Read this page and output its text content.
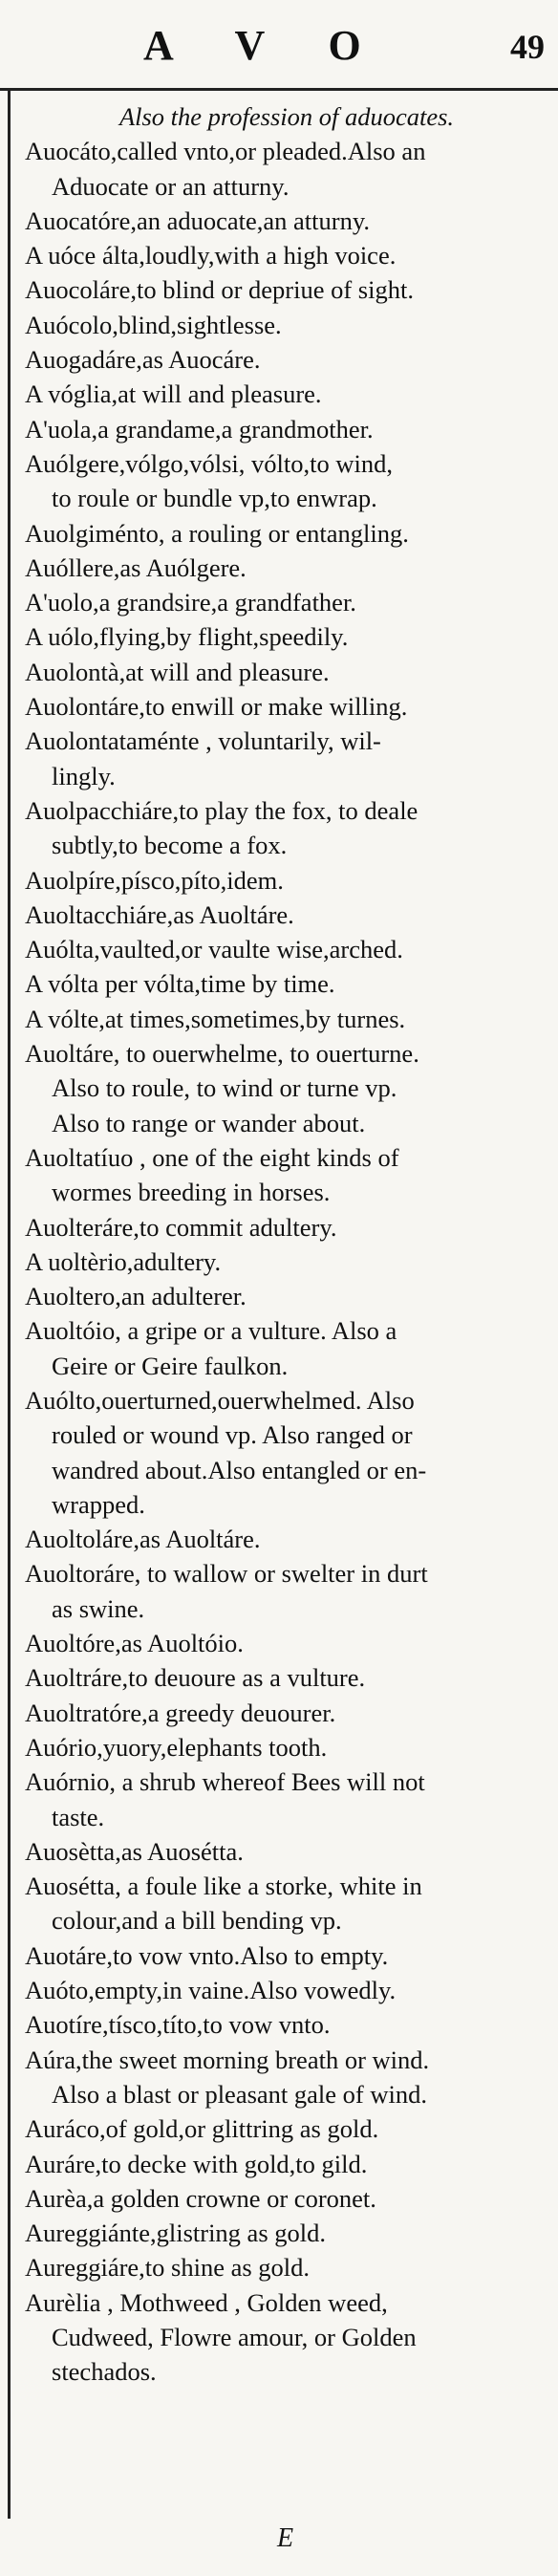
A V O	49
Also the profession of aduocates.
Auocáto,called vnto,or pleaded.Also an
Aduocate or an atturny.
Auocatóre,an aduocate,an atturny.
A uóce álta,loudly,with a high voice.
Auocoláre,to blind or depriue of sight.
Auócolo,blind,sightlesse.
Auogadáre,as Auocáre.
A vóglia,at will and pleasure.
A'uola,a grandame,a grandmother.
Auólgere,vólgo,vólsi, vólto,to wind,
to roule or bundle vp,to enwrap.
Auolgiménto, a rouling or entangling.
Auóllere,as Auólgere.
A'uolo,a grandsire,a grandfather.
A uólo,flying,by flight,speedily.
Auolontà,at will and pleasure.
Auolontáre,to enwill or make willing.
Auolontataménte , voluntarily, wil-
lingly.
Auolpacchiáre,to play the fox, to deale
subtly,to become a fox.
Auolpíre,písco,píto,idem.
Auoltacchiáre,as Auoltáre.
Auólta,vaulted,or vaulte wise,arched.
A vólta per vólta,time by time.
A vólte,at times,sometimes,by turnes.
Auoltáre, to ouerwhelme, to ouerturne.
Also to roule, to wind or turne vp.
Also to range or wander about.
Auoltatíuo , one of the eight kinds of
wormes breeding in horses.
Auolteráre,to commit adultery.
A uoltèrio,adultery.
Auoltero,an adulterer.
Auoltóio, a gripe or a vulture. Also a
Geire or Geire faulkon.
Auólto,ouerturned,ouerwhelmed. Also
rouled or wound vp. Also ranged or
wandred about.Also entangled or en-
wrapped.
Auoltoláre,as Auoltáre.
Auoltoráre, to wallow or swelter in durt
as swine.
Auoltóre,as Auoltóio.
Auoltráre,to deuoure as a vulture.
Auoltratóre,a greedy deuourer.
Auório,yuory,elephants tooth.
Auórnio, a shrub whereof Bees will not
taste.
Auosètta,as Auosétta.
Auosétta, a foule like a storke, white in
colour,and a bill bending vp.
Auotáre,to vow vnto.Also to empty.
Auóto,empty,in vaine.Also vowedly.
Auotíre,tísco,títo,to vow vnto.
Aúra,the sweet morning breath or wind.
Also a blast or pleasant gale of wind.
Auráco,of gold,or glittring as gold.
Auráre,to decke with gold,to gild.
Aurèa,a golden crowne or coronet.
Aureggiánte,glistring as gold.
Aureggiáre,to shine as gold.
Aurèlia , Mothweed , Golden weed,
Cudweed, Flowre amour, or Golden
stechados.
E
